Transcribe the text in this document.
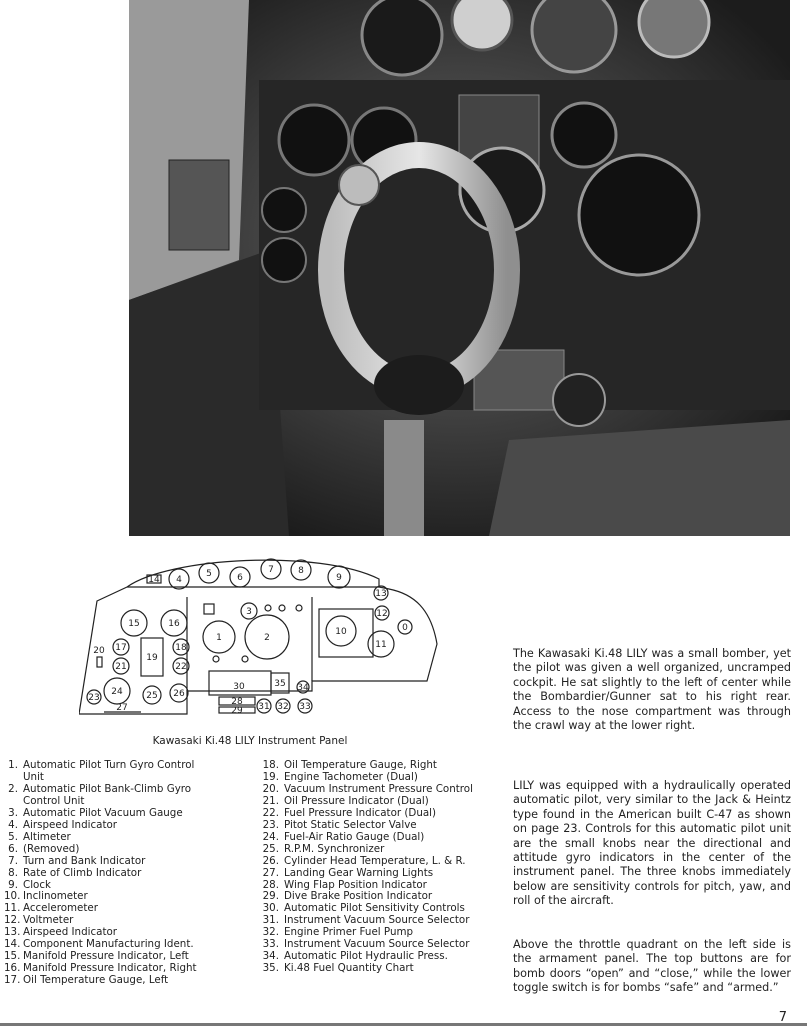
14 4
5	6
7	8
9
15	16
17	18
19
20
21	22
23
24	25 26
27
3
1	2
30	35 34
28
29 31 32 33
13
12
10
11
0
Kawasaki Ki.48 LILY Instrument Panel
1. Automatic Pilot Turn Gyro Control
Unit
2. Automatic Pilot Bank-Climb Gyro
Control Unit
3. Automatic Pilot Vacuum Gauge
4. Airspeed Indicator
5. Altimeter
6. (Removed)
7. Turn and Bank Indicator
8. Rate of Climb Indicator
9. Clock
10. Inclinometer
11. Accelerometer
12. Voltmeter
13. Airspeed Indicator
14. Component Manufacturing Ident.
15. Manifold Pressure Indicator, Left
16. Manifold Pressure Indicator, Right
17. Oil Temperature Gauge, Left
18. Oil Temperature Gauge, Right
19. Engine Tachometer (Dual)
20. Vacuum Instrument Pressure Control
21. Oil Pressure Indicator (Dual)
22. Fuel Pressure Indicator (Dual)
23. Pitot Static Selector Valve
24. Fuel-Air Ratio Gauge (Dual)
25. R.P.M. Synchronizer
26. Cylinder Head Temperature, L. & R.
27. Landing Gear Warning Lights
28. Wing Flap Position Indicator
29. Dive Brake Position Indicator
30. Automatic Pilot Sensitivity Controls
31. Instrument Vacuum Source Selector
32. Engine Primer Fuel Pump
33. Instrument Vacuum Source Selector
34. Automatic Pilot Hydraulic Press.
35. Ki.48 Fuel Quantity Chart

The Kawasaki Ki.48 LILY was a small bomber, yet the pilot was given a well organized, uncramped cockpit. He sat slightly to the left of center while the Bombardier/Gunner sat to his right rear. Access to the nose compartment was through the crawl way at the lower right.

LILY was equipped with a hydraulically operated automatic pilot, very similar to the Jack & Heintz type found in the American built C-47 as shown on page 23. Controls for this automatic pilot unit are the small knobs near the directional and attitude gyro indicators in the center of the instrument panel. The three knobs immediately below are sensitivity controls for pitch, yaw, and roll of the aircraft.

Above the throttle quadrant on the left side is the armament panel. The top buttons are for bomb doors “open” and “close,” while the lower toggle switch is for bombs “safe” and “armed.”

7
